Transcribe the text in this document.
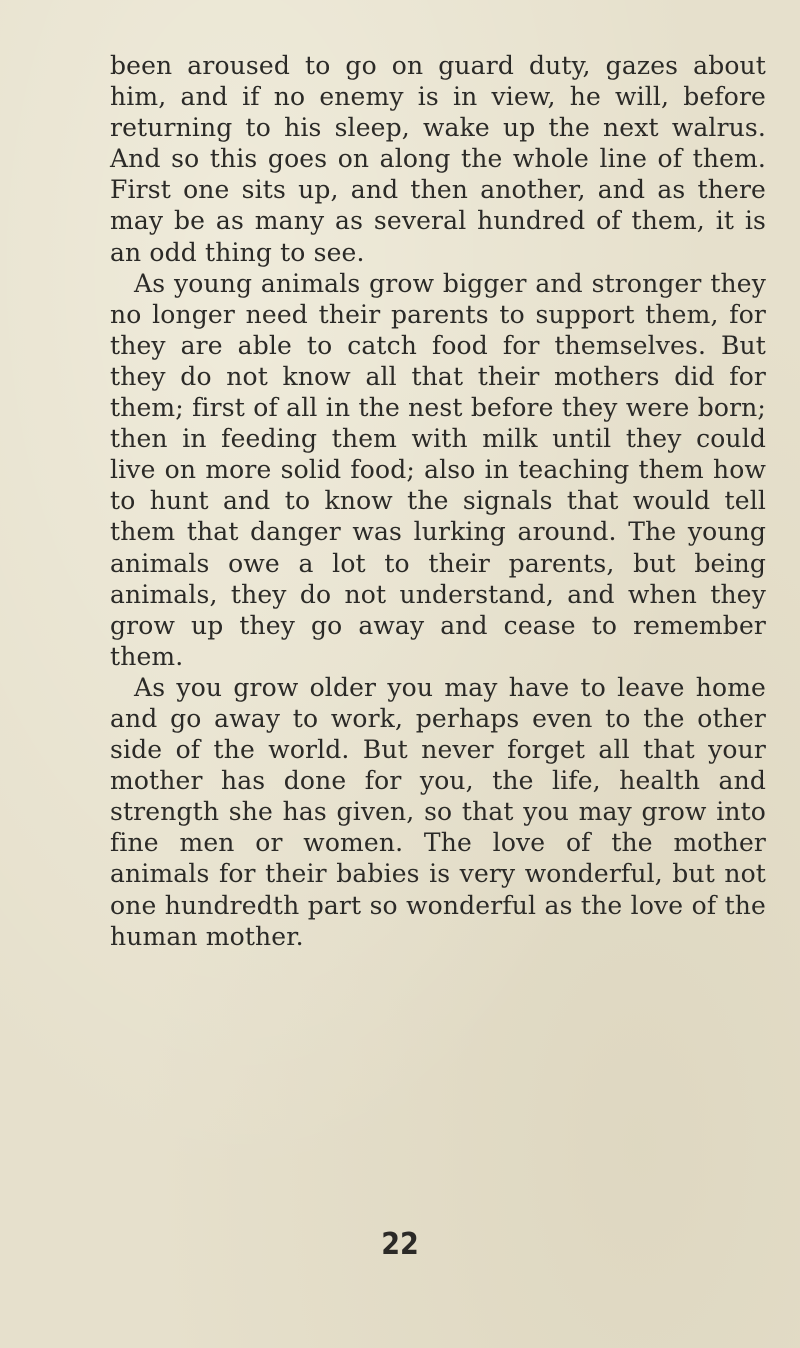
been aroused to go on guard duty, gazes about him, and if no enemy is in view, he will, before returning to his sleep, wake up the next walrus. And so this goes on along the whole line of them. First one sits up, and then another, and as there may be as many as several hundred of them, it is an odd thing to see.

As young animals grow bigger and stronger they no longer need their parents to support them, for they are able to catch food for themselves. But they do not know all that their mothers did for them; first of all in the nest before they were born; then in feeding them with milk until they could live on more solid food; also in teaching them how to hunt and to know the signals that would tell them that danger was lurking around. The young animals owe a lot to their parents, but being animals, they do not understand, and when they grow up they go away and cease to remember them.

As you grow older you may have to leave home and go away to work, perhaps even to the other side of the world. But never forget all that your mother has done for you, the life, health and strength she has given, so that you may grow into fine men or women. The love of the mother animals for their babies is very wonderful, but not one hundredth part so wonderful as the love of the human mother.

22
